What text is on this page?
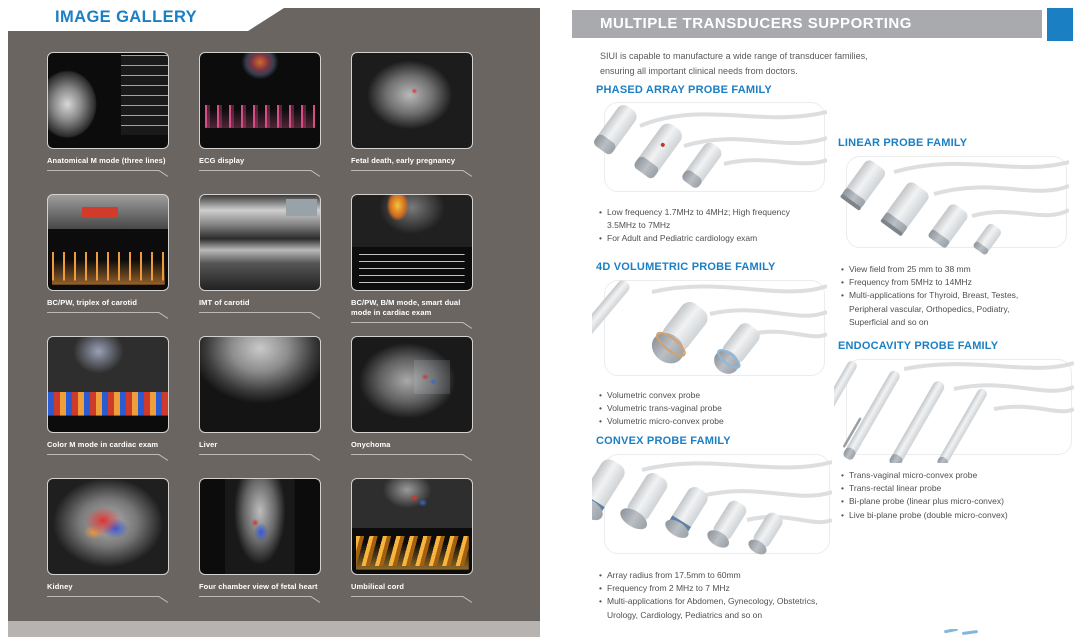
IMAGE GALLERY
Anatomical M mode (three lines)	ECG display	Fetal death, early pregnancy
BC/PW, triplex of carotid	IMT of carotid	BC/PW, B/M mode, smart dual mode in cardiac exam
Color M mode in cardiac exam	Liver	Onychoma
Kidney	Four chamber view of fetal heart	Umbilical cord
MULTIPLE TRANSDUCERS SUPPORTING
SIUI is capable to manufacture a wide range of transducer families,
ensuring all important clinical needs from doctors.
PHASED ARRAY PROBE FAMILY
• Low frequency 1.7MHz to 4MHz; High frequency 3.5MHz to 7MHz
• For Adult and Pediatric cardiology exam
4D VOLUMETRIC PROBE FAMILY
• Volumetric convex probe
• Volumetric trans-vaginal probe
• Volumetric micro-convex probe
CONVEX PROBE FAMILY
• Array radius from 17.5mm to 60mm
• Frequency from 2 MHz to 7 MHz
• Multi-applications for Abdomen, Gynecology, Obstetrics, Urology, Cardiology, Pediatrics and so on
LINEAR PROBE FAMILY
• View field from 25 mm to 38 mm
• Frequency from 5MHz to 14MHz
• Multi-applications for Thyroid, Breast, Testes, Peripheral vascular, Orthopedics, Podiatry, Superficial and so on
ENDOCAVITY PROBE FAMILY
• Trans-vaginal micro-convex probe
• Trans-rectal linear probe
• Bi-plane probe (linear plus micro-convex)
• Live bi-plane probe (double micro-convex)
